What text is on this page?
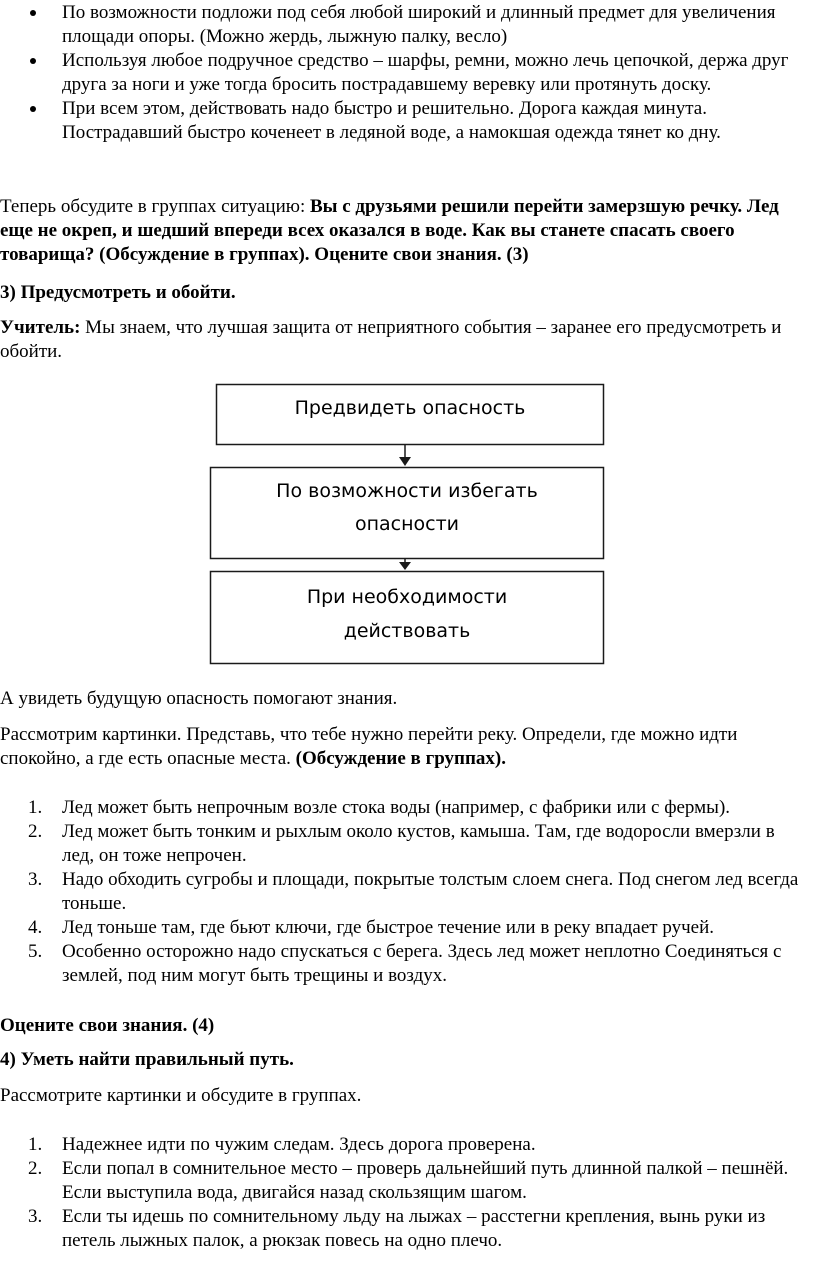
По возможности подложи под себя любой широкий и длинный предмет для увеличения площади опоры. (Можно жердь, лыжную палку, весло)
Используя любое подручное средство – шарфы, ремни, можно лечь цепочкой, держа друг друга за ноги и уже тогда бросить пострадавшему веревку или протянуть доску.
При всем этом, действовать надо быстро и решительно. Дорога каждая минута. Пострадавший быстро коченеет в ледяной воде, а намокшая одежда тянет ко дну.

Теперь обсудите в группах ситуацию: Вы с друзьями решили перейти замерзшую речку. Лед еще не окреп, и шедший впереди всех оказался в воде. Как вы станете спасать своего товарища? (Обсуждение в группах). Оцените свои знания. (3)

3) Предусмотреть и обойти.

Учитель: Мы знаем, что лучшая защита от неприятного события – заранее его предусмотреть и обойти.

А увидеть будущую опасность помогают знания.

Рассмотрим картинки. Представь, что тебе нужно перейти реку. Определи, где можно идти спокойно, а где есть опасные места. (Обсуждение в группах).

1. Лед может быть непрочным возле стока воды (например, с фабрики или с фермы).
2. Лед может быть тонким и рыхлым около кустов, камыша. Там, где водоросли вмерзли в лед, он тоже непрочен.
3. Надо обходить сугробы и площади, покрытые толстым слоем снега. Под снегом лед всегда тоньше.
4. Лед тоньше там, где бьют ключи, где быстрое течение или в реку впадает ручей.
5. Особенно осторожно надо спускаться с берега. Здесь лед может неплотно Соединяться с землей, под ним могут быть трещины и воздух.

Оцените свои знания. (4)

4) Уметь найти правильный путь.

Рассмотрите картинки и обсудите в группах.

1. Надежнее идти по чужим следам. Здесь дорога проверена.
2. Если попал в сомнительное место – проверь дальнейший путь длинной палкой – пешнёй. Если выступила вода, двигайся назад скользящим шагом.
3. Если ты идешь по сомнительному льду на лыжах – расстегни крепления, вынь руки из петель лыжных палок, а рюкзак повесь на одно плечо.
Предвидеть опасность
По возможности избегать
опасности
При необходимости
действовать
